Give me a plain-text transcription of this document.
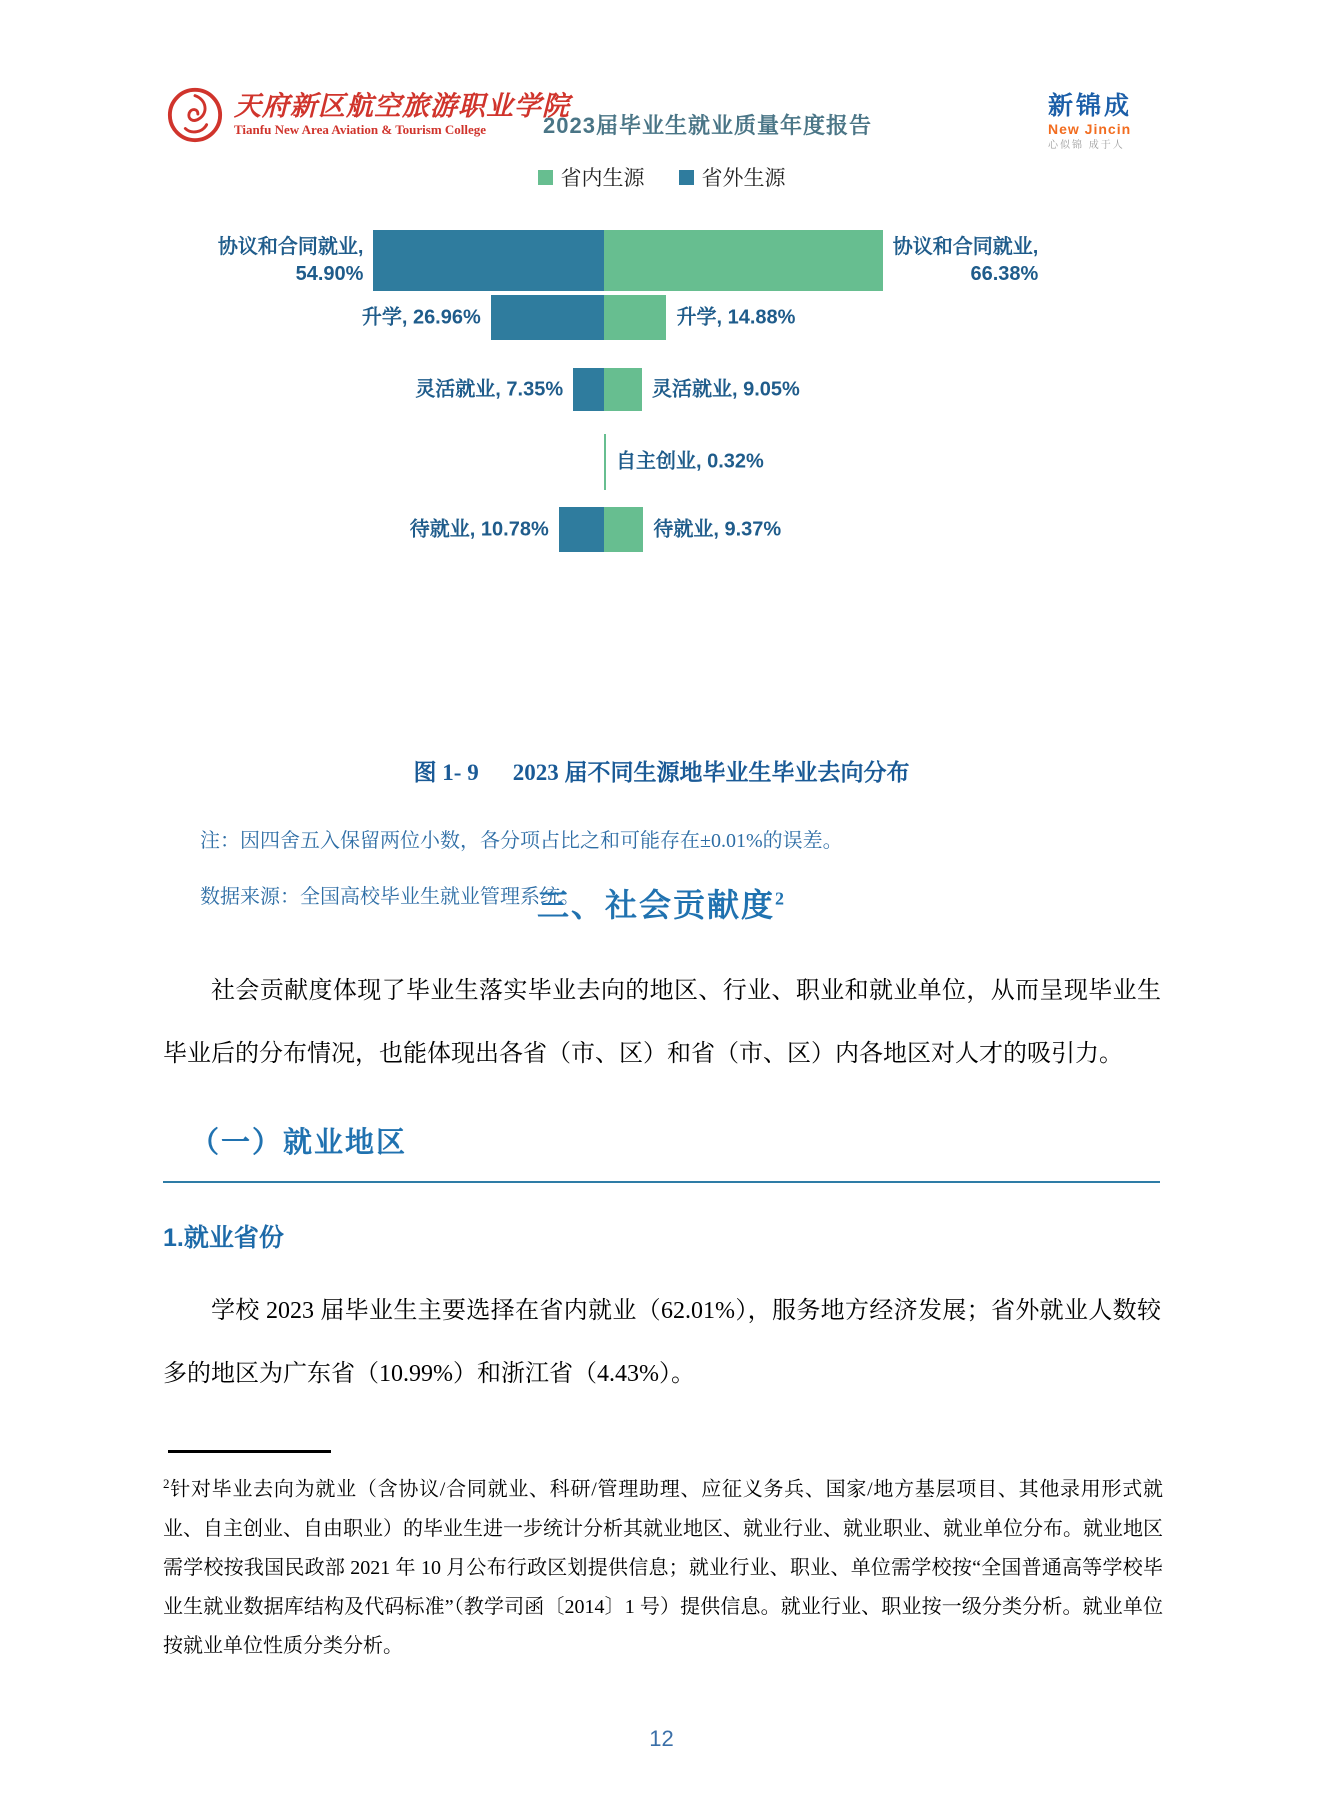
天府新区航空旅游职业学院
Tianfu New Area Aviation & Tourism College	2023届毕业生就业质量年度报告
新锦成
New Jincin
心似锦 成于人
省内生源	省外生源
协议和合同就业,
54.90%
协议和合同就业,
66.38%
升学, 26.96%	升学, 14.88%
灵活就业, 7.35%	灵活就业, 9.05%
自主创业, 0.32%
待就业, 10.78%	待就业, 9.37%
图 1- 9 2023 届不同生源地毕业生毕业去向分布
注：因四舍五入保留两位小数，各分项占比之和可能存在±0.01%的误差。
数据来源：全国高校毕业生就业管理系统。
三、社会贡献度$^2$
社会贡献度体现了毕业生落实毕业去向的地区、行业、职业和就业单位，从而呈现毕业生毕业后的分布情况，也能体现出各省（市、区）和省（市、区）内各地区对人才的吸引力。
（一）就业地区
1.就业省份
学校 2023 届毕业生主要选择在省内就业（62.01%），服务地方经济发展；省外就业人数较多的地区为广东省（10.99%）和浙江省（4.43%）。
$^2$针对毕业去向为就业（含协议/合同就业、科研/管理助理、应征义务兵、国家/地方基层项目、其他录用形式就业、自主创业、自由职业）的毕业生进一步统计分析其就业地区、就业行业、就业职业、就业单位分布。就业地区需学校按我国民政部 2021 年 10 月公布行政区划提供信息；就业行业、职业、单位需学校按“全国普通高等学校毕业生就业数据库结构及代码标准”（教学司函〔2014〕1 号）提供信息。就业行业、职业按一级分类分析。就业单位按就业单位性质分类分析。
12
